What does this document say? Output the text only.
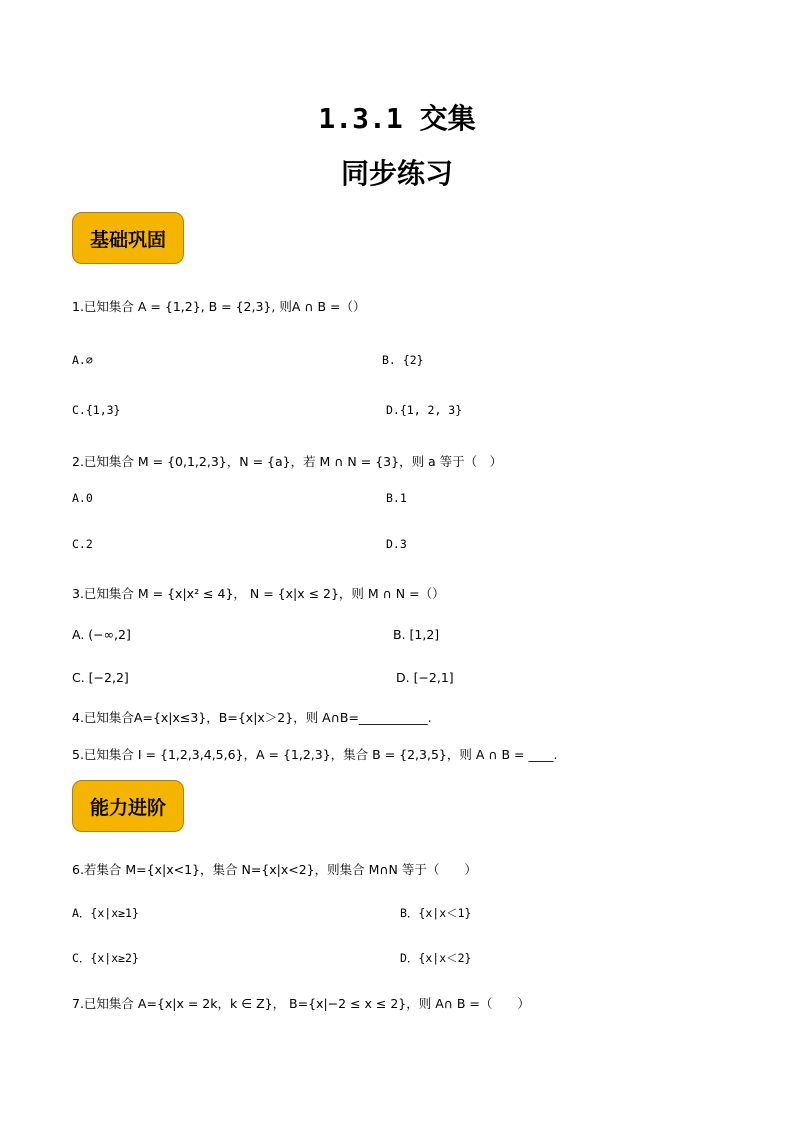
1.3.1 交集
同步练习
基础巩固
1.已知集合 A = {1,2}, B = {2,3}, 则A ∩ B =（）
A.∅	B. {2}
C.{1,3}	D.{1, 2, 3}
2.已知集合 M = {0,1,2,3}，N = {a}，若 M ∩ N = {3}，则 a 等于（　）
A.0	B.1
C.2	D.3
3.已知集合 M = {x|x² ≤ 4}， N = {x|x ≤ 2}，则 M ∩ N =（）
A. (−∞,2]	B. [1,2]
C. [−2,2]	D. [−2,1]
4.已知集合A={x|x≤3}，B={x|x＞2}，则 A∩B=___________.
5.已知集合 I = {1,2,3,4,5,6}，A = {1,2,3}，集合 B = {2,3,5}，则 A ∩ B = ____.
能力进阶
6.若集合 M={x|x<1}，集合 N={x|x<2}，则集合 M∩N 等于（　　）
A．{x|x≥1}	B．{x|x＜1}
C．{x|x≥2}	D．{x|x＜2}
7.已知集合 A={x|x = 2k，k ∈ Z}， B={x|−2 ≤ x ≤ 2}，则 A∩ B =（　　）
